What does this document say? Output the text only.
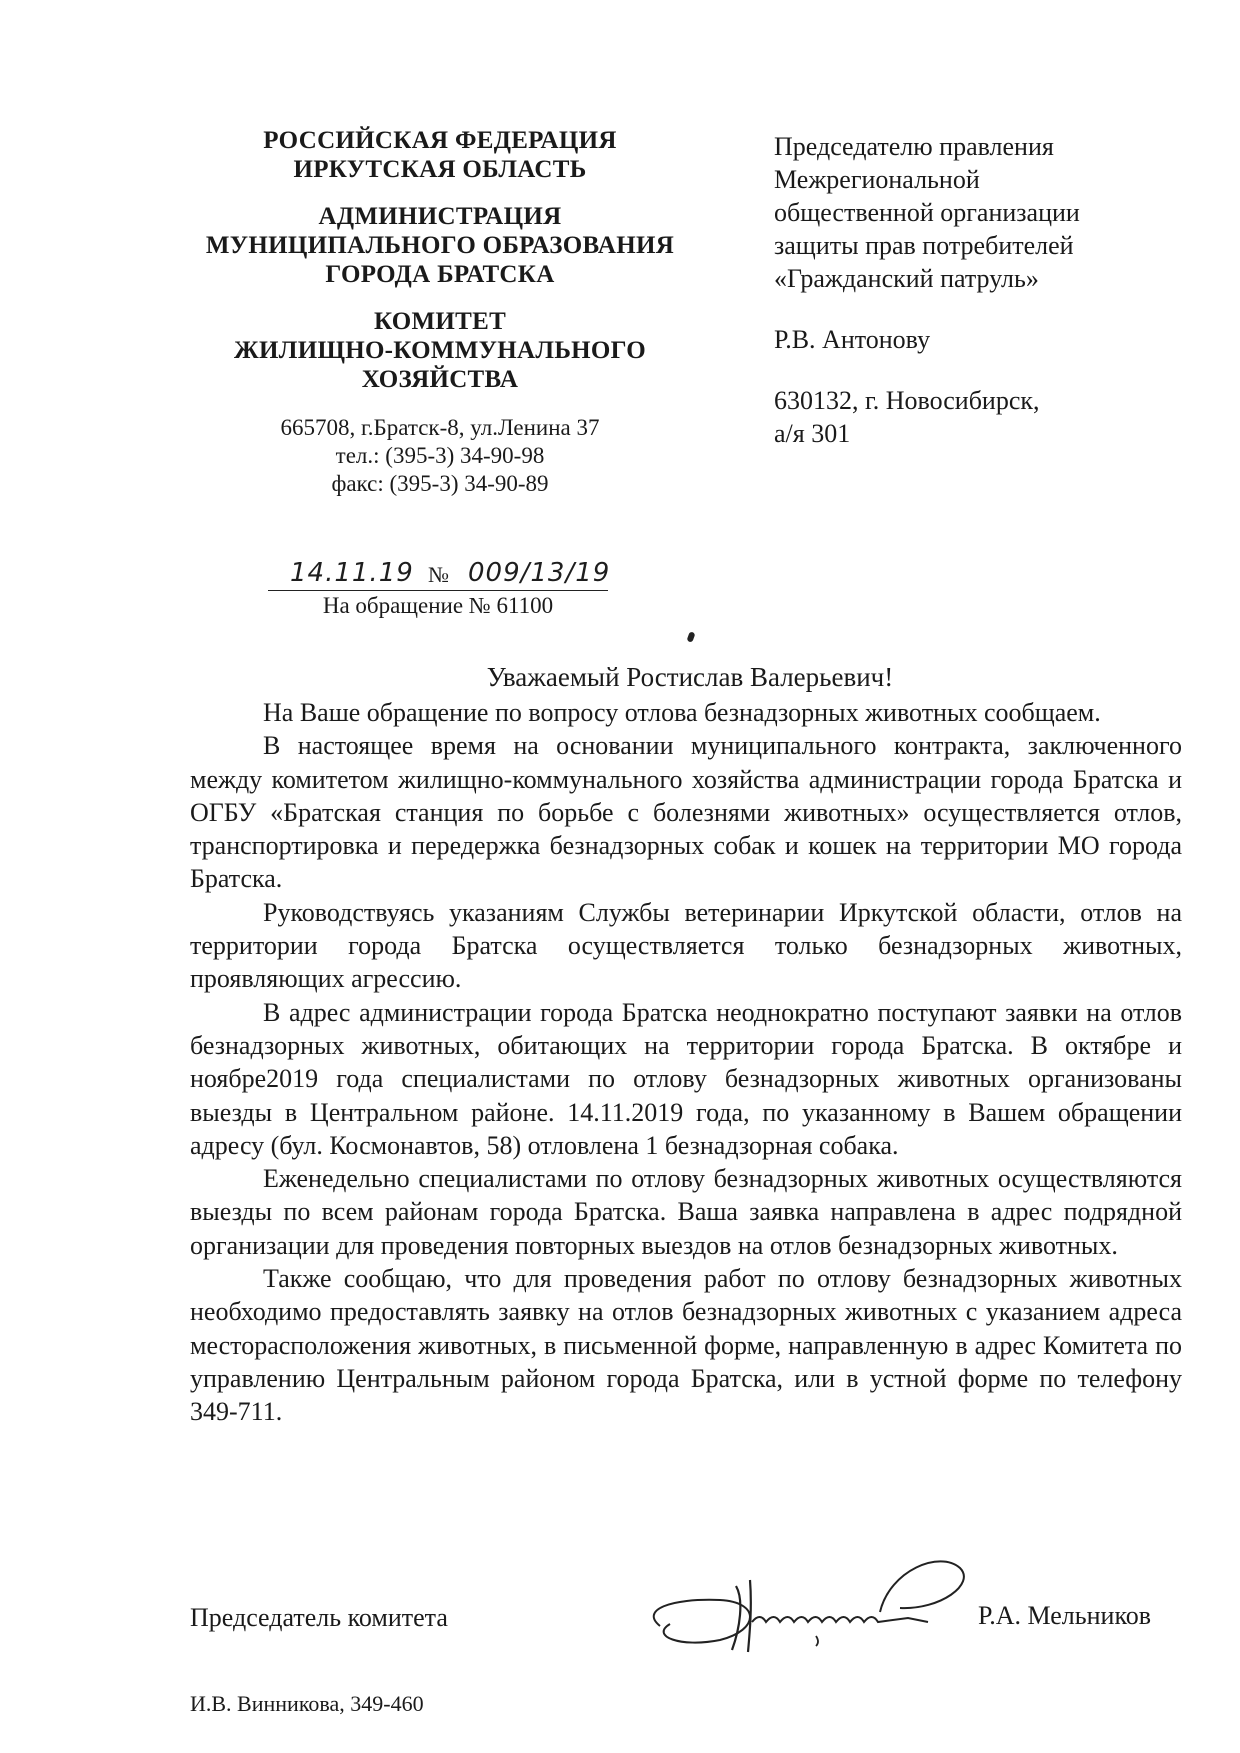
РОССИЙСКАЯ ФЕДЕРАЦИЯ

ИРКУТСКАЯ ОБЛАСТЬ

АДМИНИСТРАЦИЯ

МУНИЦИПАЛЬНОГО ОБРАЗОВАНИЯ

ГОРОДА БРАТСКА

КОМИТЕТ

ЖИЛИЩНО-КОММУНАЛЬНОГО

ХОЗЯЙСТВА

665708, г.Братск-8, ул.Ленина 37

тел.: (395-3) 34-90-98

факс: (395-3) 34-90-89

14.11.19 № 009/13/19
На обращение № 61100

Председателю правления

Межрегиональной

общественной организации

защиты прав потребителей

«Гражданский патруль»

Р.В. Антонову

630132, г. Новосибирск,

а/я 301

Уважаемый Ростислав Валерьевич!

На Ваше обращение по вопросу отлова безнадзорных животных сообщаем.

В настоящее время на основании муниципального контракта, заключенного между комитетом жилищно-коммунального хозяйства администрации города Братска и ОГБУ «Братская станция по борьбе с болезнями животных» осуществляется отлов, транспортировка и передержка безнадзорных собак и кошек на территории МО города Братска.

Руководствуясь указаниям Службы ветеринарии Иркутской области, отлов на территории города Братска осуществляется только безнадзорных животных, проявляющих агрессию.

В адрес администрации города Братска неоднократно поступают заявки на отлов безнадзорных животных, обитающих на территории города Братска. В октябре и ноябре2019 года специалистами по отлову безнадзорных животных организованы выезды в Центральном районе. 14.11.2019 года, по указанному в Вашем обращении адресу (бул. Космонавтов, 58) отловлена 1 безнадзорная собака.

Еженедельно специалистами по отлову безнадзорных животных осуществляются выезды по всем районам города Братска. Ваша заявка направлена в адрес подрядной организации для проведения повторных выездов на отлов безнадзорных животных.

Также сообщаю, что для проведения работ по отлову безнадзорных животных необходимо предоставлять заявку на отлов безнадзорных животных с указанием адреса месторасположения животных, в письменной форме, направленную в адрес Комитета по управлению Центральным районом города Братска, или в устной форме по телефону 349-711.

Председатель комитета	Р.А. Мельников
И.В. Винникова, 349-460
